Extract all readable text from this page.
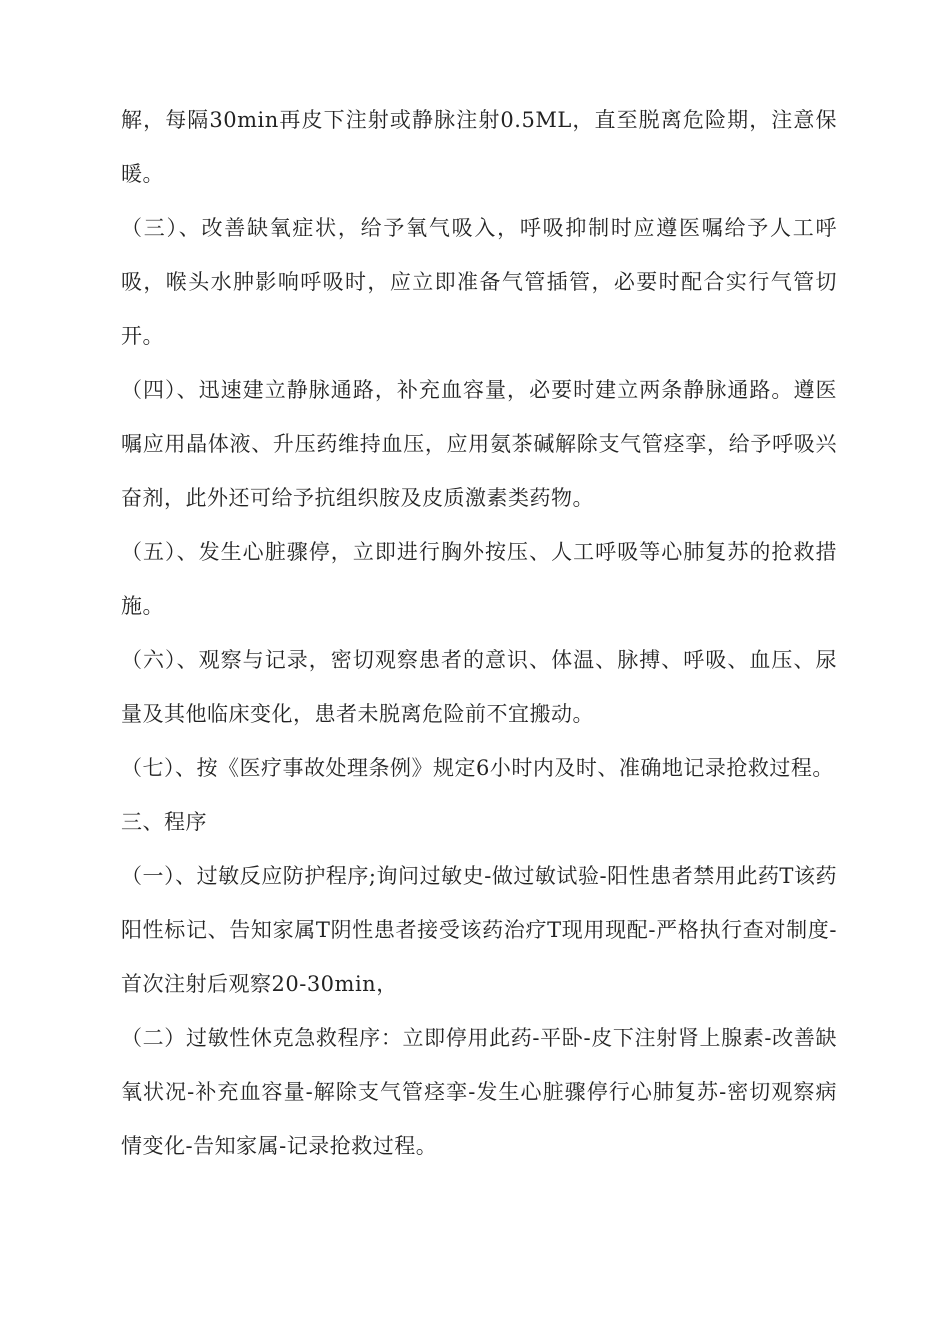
解，每隔30min再皮下注射或静脉注射0.5ML，直至脱离危险期，注意保暖。

（三）、改善缺氧症状，给予氧气吸入，呼吸抑制时应遵医嘱给予人工呼吸，喉头水肿影响呼吸时，应立即准备气管插管，必要时配合实行气管切开。

（四）、迅速建立静脉通路，补充血容量，必要时建立两条静脉通路。遵医嘱应用晶体液、升压药维持血压，应用氨茶碱解除支气管痉挛，给予呼吸兴奋剂，此外还可给予抗组织胺及皮质激素类药物。

（五）、发生心脏骤停，立即进行胸外按压、人工呼吸等心肺复苏的抢救措施。

（六）、观察与记录，密切观察患者的意识、体温、脉搏、呼吸、血压、尿量及其他临床变化，患者未脱离危险前不宜搬动。

（七）、按《医疗事故处理条例》规定6小时内及时、准确地记录抢救过程。

三、程序

（一）、过敏反应防护程序;询问过敏史-做过敏试验-阳性患者禁用此药T该药阳性标记、告知家属T阴性患者接受该药治疗T现用现配-严格执行查对制度-首次注射后观察20-30min，

（二）过敏性休克急救程序：立即停用此药-平卧-皮下注射肾上腺素-改善缺氧状况-补充血容量-解除支气管痉挛-发生心脏骤停行心肺复苏-密切观察病情变化-告知家属-记录抢救过程。
